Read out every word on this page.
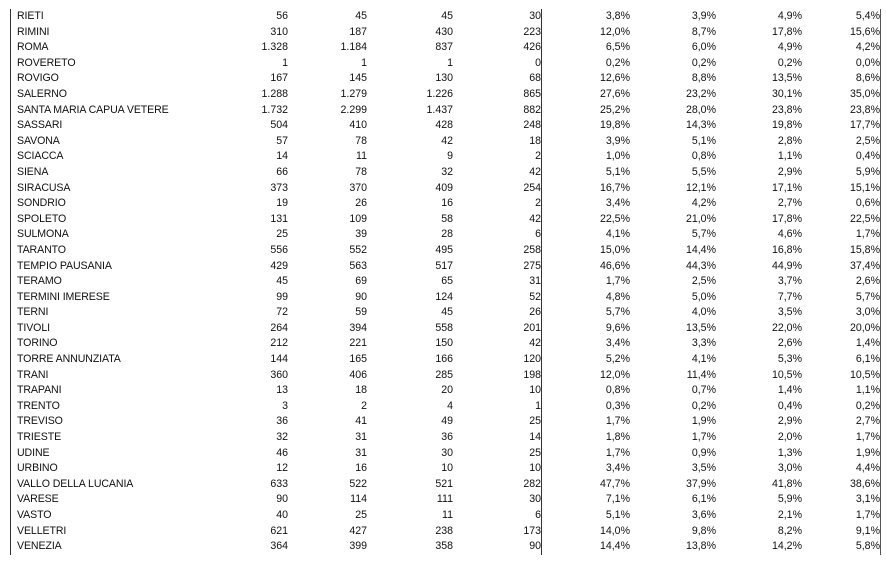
RIETI	56	45	45	30	3,8%	3,9%	4,9%	5,4%
RIMINI	310	187	430	223	12,0%	8,7%	17,8%	15,6%
ROMA	1.328	1.184	837	426	6,5%	6,0%	4,9%	4,2%
ROVERETO	1	1	1	0	0,2%	0,2%	0,2%	0,0%
ROVIGO	167	145	130	68	12,6%	8,8%	13,5%	8,6%
SALERNO	1.288	1.279	1.226	865	27,6%	23,2%	30,1%	35,0%
SANTA MARIA CAPUA VETERE	1.732	2.299	1.437	882	25,2%	28,0%	23,8%	23,8%
SASSARI	504	410	428	248	19,8%	14,3%	19,8%	17,7%
SAVONA	57	78	42	18	3,9%	5,1%	2,8%	2,5%
SCIACCA	14	11	9	2	1,0%	0,8%	1,1%	0,4%
SIENA	66	78	32	42	5,1%	5,5%	2,9%	5,9%
SIRACUSA	373	370	409	254	16,7%	12,1%	17,1%	15,1%
SONDRIO	19	26	16	2	3,4%	4,2%	2,7%	0,6%
SPOLETO	131	109	58	42	22,5%	21,0%	17,8%	22,5%
SULMONA	25	39	28	6	4,1%	5,7%	4,6%	1,7%
TARANTO	556	552	495	258	15,0%	14,4%	16,8%	15,8%
TEMPIO PAUSANIA	429	563	517	275	46,6%	44,3%	44,9%	37,4%
TERAMO	45	69	65	31	1,7%	2,5%	3,7%	2,6%
TERMINI IMERESE	99	90	124	52	4,8%	5,0%	7,7%	5,7%
TERNI	72	59	45	26	5,7%	4,0%	3,5%	3,0%
TIVOLI	264	394	558	201	9,6%	13,5%	22,0%	20,0%
TORINO	212	221	150	42	3,4%	3,3%	2,6%	1,4%
TORRE ANNUNZIATA	144	165	166	120	5,2%	4,1%	5,3%	6,1%
TRANI	360	406	285	198	12,0%	11,4%	10,5%	10,5%
TRAPANI	13	18	20	10	0,8%	0,7%	1,4%	1,1%
TRENTO	3	2	4	1	0,3%	0,2%	0,4%	0,2%
TREVISO	36	41	49	25	1,7%	1,9%	2,9%	2,7%
TRIESTE	32	31	36	14	1,8%	1,7%	2,0%	1,7%
UDINE	46	31	30	25	1,7%	0,9%	1,3%	1,9%
URBINO	12	16	10	10	3,4%	3,5%	3,0%	4,4%
VALLO DELLA LUCANIA	633	522	521	282	47,7%	37,9%	41,8%	38,6%
VARESE	90	114	111	30	7,1%	6,1%	5,9%	3,1%
VASTO	40	25	11	6	5,1%	3,6%	2,1%	1,7%
VELLETRI	621	427	238	173	14,0%	9,8%	8,2%	9,1%
VENEZIA	364	399	358	90	14,4%	13,8%	14,2%	5,8%
